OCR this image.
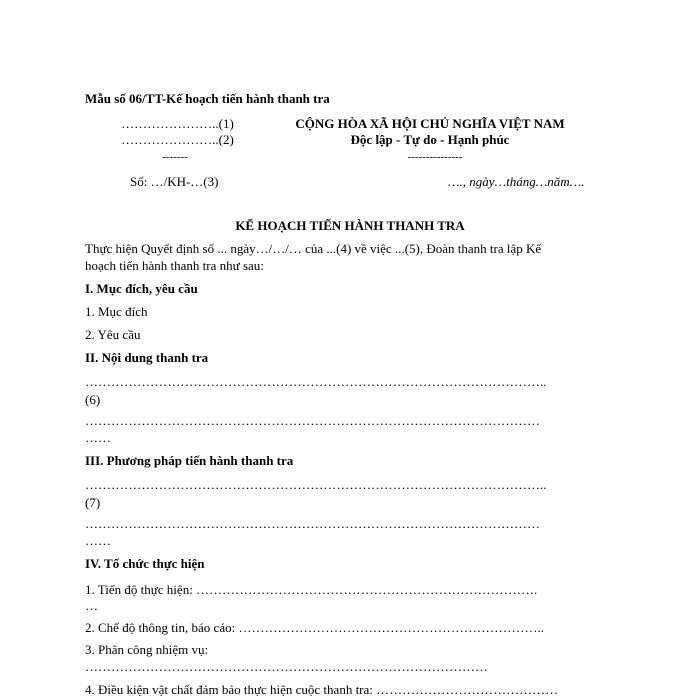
Mẫu số 06/TT-Kế hoạch tiến hành thanh tra
…………………..(1)
…………………..(2)
-------
Số: …/KH-…(3)
CỘNG HÒA XÃ HỘI CHỦ NGHĨA VIỆT NAM
Độc lập - Tự do - Hạnh phúc
---------------
…., ngày…tháng…năm….
KẾ HOẠCH TIẾN HÀNH THANH TRA
Thực hiện Quyết định số ... ngày…/…/… của ...(4) về việc ...(5), Đoàn thanh tra lập Kế
hoạch tiến hành thanh tra như sau:
I. Mục đích, yêu cầu
1. Mục đích
2. Yêu cầu
II. Nội dung thanh tra
……………………………………………………………………………………………..
(6)
……………………………………………………………………………………………
……
III. Phương pháp tiến hành thanh tra
……………………………………………………………………………………………..
(7)
……………………………………………………………………………………………
……
IV. Tổ chức thực hiện
1. Tiến độ thực hiện: …………………………………………………………………….
…
2. Chế độ thông tin, báo cáo: ……………………………………………………………..
3. Phân công nhiệm vụ:
…………………………………………………………………………………
4. Điều kiện vật chất đảm bảo thực hiện cuộc thanh tra: ……………………………………
